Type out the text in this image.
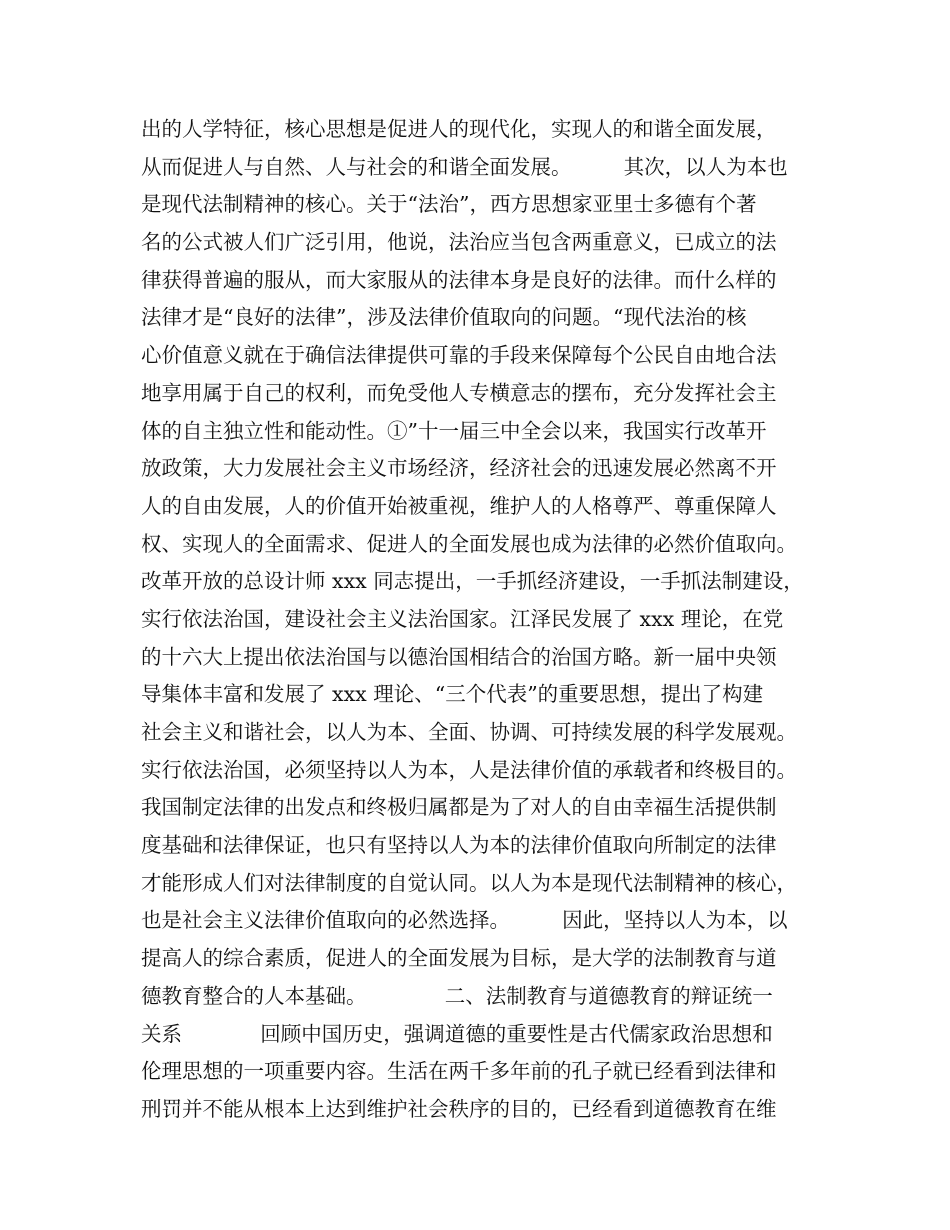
出的人学特征，核心思想是促进人的现代化，实现人的和谐全面发展，
从而促进人与自然、人与社会的和谐全面发展。        其次，以人为本也
是现代法制精神的核心。关于“法治”，西方思想家亚里士多德有个著
名的公式被人们广泛引用，他说，法治应当包含两重意义，已成立的法
律获得普遍的服从，而大家服从的法律本身是良好的法律。而什么样的
法律才是“良好的法律”，涉及法律价值取向的问题。“现代法治的核
心价值意义就在于确信法律提供可靠的手段来保障每个公民自由地合法
地享用属于自己的权利，而免受他人专横意志的摆布，充分发挥社会主
体的自主独立性和能动性。①”十一届三中全会以来，我国实行改革开
放政策，大力发展社会主义市场经济，经济社会的迅速发展必然离不开
人的自由发展，人的价值开始被重视，维护人的人格尊严、尊重保障人
权、实现人的全面需求、促进人的全面发展也成为法律的必然价值取向。
改革开放的总设计师 xxx 同志提出，一手抓经济建设，一手抓法制建设，
实行依法治国，建设社会主义法治国家。江泽民发展了 xxx 理论，在党
的十六大上提出依法治国与以德治国相结合的治国方略。新一届中央领
导集体丰富和发展了 xxx 理论、“三个代表”的重要思想，提出了构建
社会主义和谐社会，以人为本、全面、协调、可持续发展的科学发展观。
实行依法治国，必须坚持以人为本，人是法律价值的承载者和终极目的。
我国制定法律的出发点和终极归属都是为了对人的自由幸福生活提供制
度基础和法律保证，也只有坚持以人为本的法律价值取向所制定的法律
才能形成人们对法律制度的自觉认同。以人为本是现代法制精神的核心，
也是社会主义法律价值取向的必然选择。        因此，坚持以人为本，以
提高人的综合素质，促进人的全面发展为目标，是大学的法制教育与道
德教育整合的人本基础。            二、法制教育与道德教育的辩证统一
关系            回顾中国历史，强调道德的重要性是古代儒家政治思想和
伦理思想的一项重要内容。生活在两千多年前的孔子就已经看到法律和
刑罚并不能从根本上达到维护社会秩序的目的，已经看到道德教育在维
